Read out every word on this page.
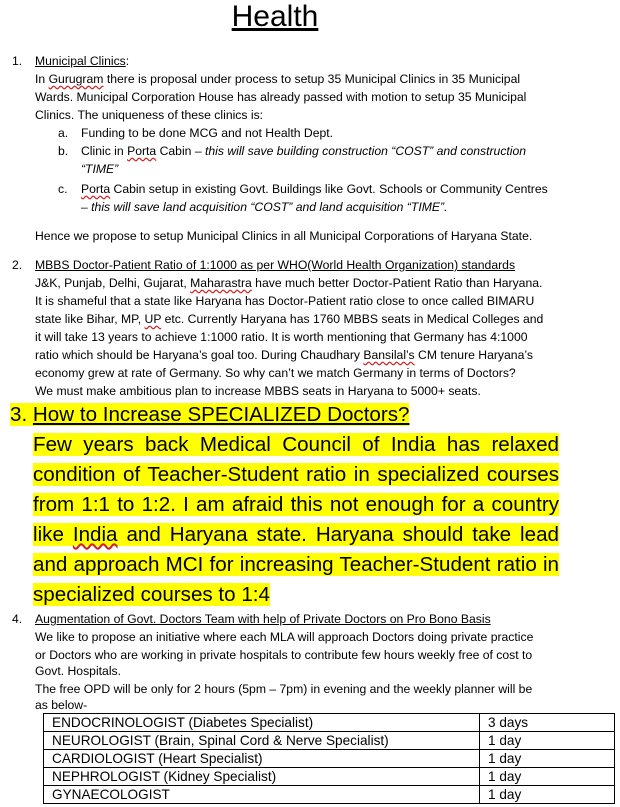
Health
1. Municipal Clinics:
In Gurugram there is proposal under process to setup 35 Municipal Clinics in 35 Municipal
Wards. Municipal Corporation House has already passed with motion to setup 35 Municipal
Clinics. The uniqueness of these clinics is:
a. Funding to be done MCG and not Health Dept.
b. Clinic in Porta Cabin – this will save building construction “COST” and construction
“TIME”
c. Porta Cabin setup in existing Govt. Buildings like Govt. Schools or Community Centres
– this will save land acquisition “COST” and land acquisition “TIME”.
Hence we propose to setup Municipal Clinics in all Municipal Corporations of Haryana State.
2. MBBS Doctor-Patient Ratio of 1:1000 as per WHO(World Health Organization) standards
J&K, Punjab, Delhi, Gujarat, Maharastra have much better Doctor-Patient Ratio than Haryana.
It is shameful that a state like Haryana has Doctor-Patient ratio close to once called BIMARU
state like Bihar, MP, UP etc. Currently Haryana has 1760 MBBS seats in Medical Colleges and
it will take 13 years to achieve 1:1000 ratio. It is worth mentioning that Germany has 4:1000
ratio which should be Haryana’s goal too. During Chaudhary Bansilal’s CM tenure Haryana’s
economy grew at rate of Germany. So why can’t we match Germany in terms of Doctors?
We must make ambitious plan to increase MBBS seats in Haryana to 5000+ seats.
3. How to Increase SPECIALIZED Doctors?
Few years back Medical Council of India has relaxed condition of Teacher-Student ratio in specialized courses from 1:1 to 1:2. I am afraid this not enough for a country like India and Haryana state. Haryana should take lead and approach MCI for increasing Teacher-Student ratio in specialized courses to 1:4
4. Augmentation of Govt. Doctors Team with help of Private Doctors on Pro Bono Basis
We like to propose an initiative where each MLA will approach Doctors doing private practice
or Doctors who are working in private hospitals to contribute few hours weekly free of cost to
Govt. Hospitals.
The free OPD will be only for 2 hours (5pm – 7pm) in evening and the weekly planner will be
as below-
ENDOCRINOLOGIST (Diabetes Specialist)	3 days
NEUROLOGIST (Brain, Spinal Cord & Nerve Specialist)	1 day
CARDIOLOGIST (Heart Specialist)	1 day
NEPHROLOGIST (Kidney Specialist)	1 day
GYNAECOLOGIST	1 day
